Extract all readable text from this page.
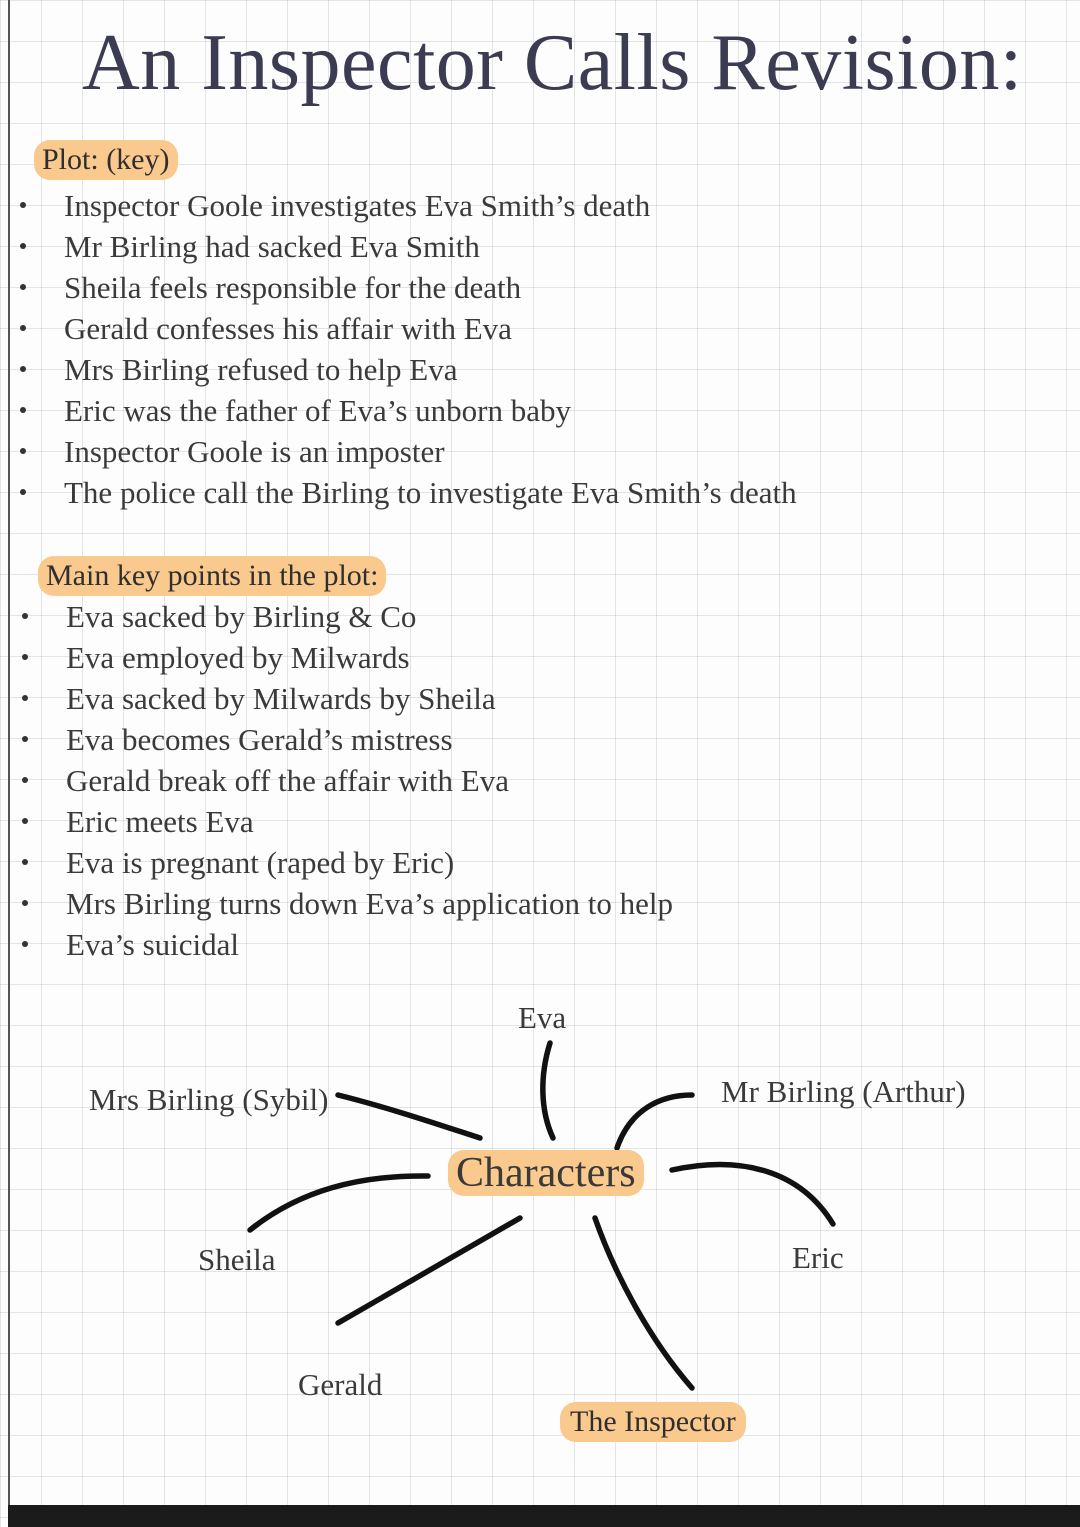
An Inspector Calls Revision:
Plot: (key)
Inspector Goole investigates Eva Smith’s death
Mr Birling had sacked Eva Smith
Sheila feels responsible for the death
Gerald confesses his affair with Eva
Mrs Birling refused to help Eva
Eric was the father of Eva’s unborn baby
Inspector Goole is an imposter
The police call the Birling to investigate Eva Smith’s death
Main key points in the plot:
Eva sacked by Birling & Co
Eva employed by Milwards
Eva sacked by Milwards by Sheila
Eva becomes Gerald’s mistress
Gerald break off the affair with Eva
Eric meets Eva
Eva is pregnant (raped by Eric)
Mrs Birling turns down Eva’s application to help
Eva’s suicidal
Eva
Mrs Birling (Sybil)	Mr Birling (Arthur)
Sheila	Eric
Gerald
Characters
The Inspector
